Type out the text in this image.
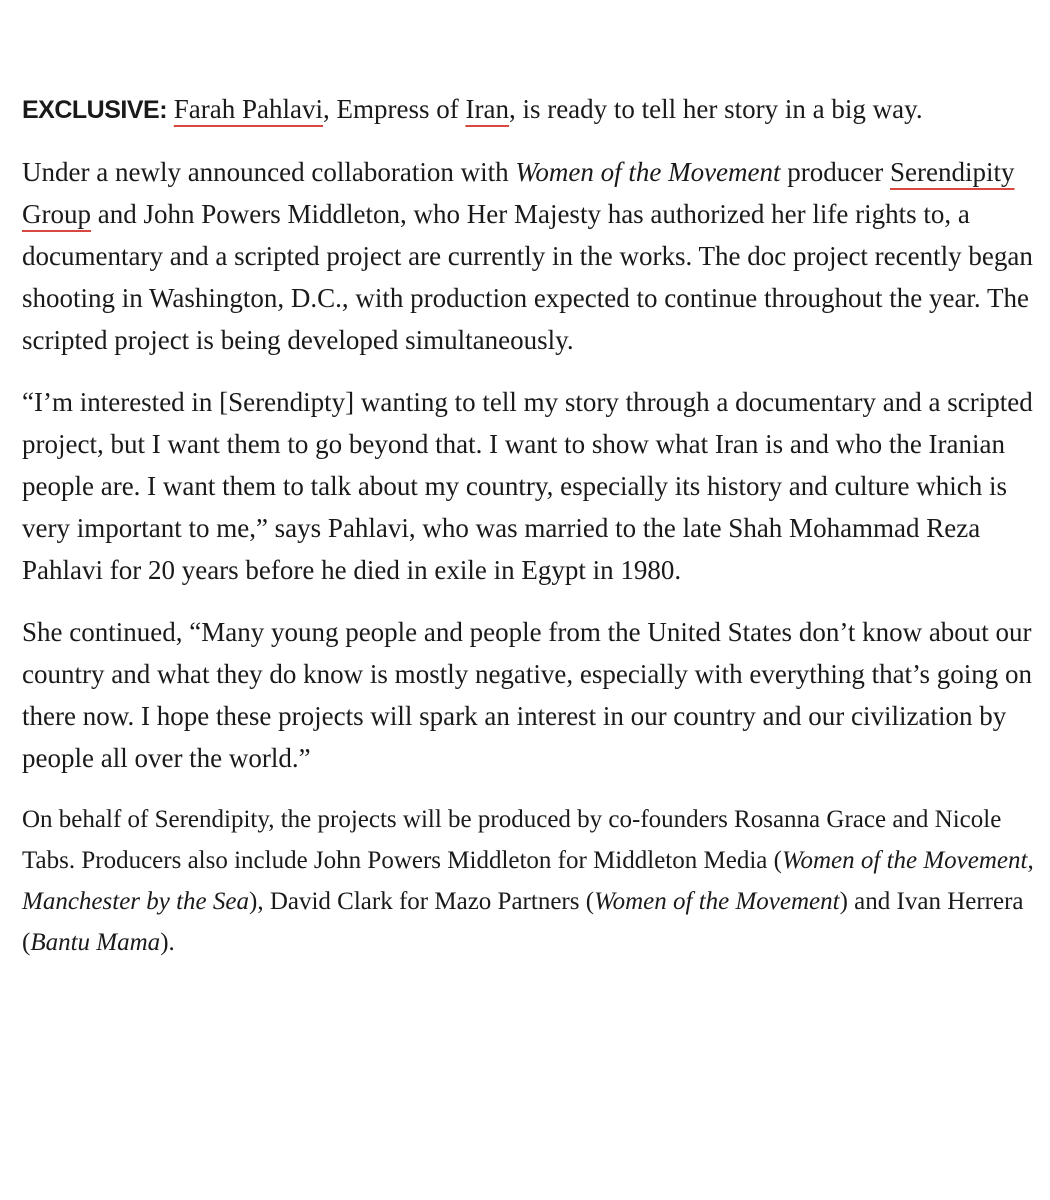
EXCLUSIVE: Farah Pahlavi, Empress of Iran, is ready to tell her story in a big way.

Under a newly announced collaboration with Women of the Movement producer Serendipity Group and John Powers Middleton, who Her Majesty has authorized her life rights to, a documentary and a scripted project are currently in the works. The doc project recently began shooting in Washington, D.C., with production expected to continue throughout the year. The scripted project is being developed simultaneously.

“I’m interested in [Serendipty] wanting to tell my story through a documentary and a scripted project, but I want them to go beyond that. I want to show what Iran is and who the Iranian people are. I want them to talk about my country, especially its history and culture which is very important to me,” says Pahlavi, who was married to the late Shah Mohammad Reza Pahlavi for 20 years before he died in exile in Egypt in 1980.

She continued, “Many young people and people from the United States don’t know about our country and what they do know is mostly negative, especially with everything that’s going on there now. I hope these projects will spark an interest in our country and our civilization by people all over the world.”

On behalf of Serendipity, the projects will be produced by co-founders Rosanna Grace and Nicole Tabs. Producers also include John Powers Middleton for Middleton Media (Women of the Movement, Manchester by the Sea), David Clark for Mazo Partners (Women of the Movement) and Ivan Herrera (Bantu Mama).
